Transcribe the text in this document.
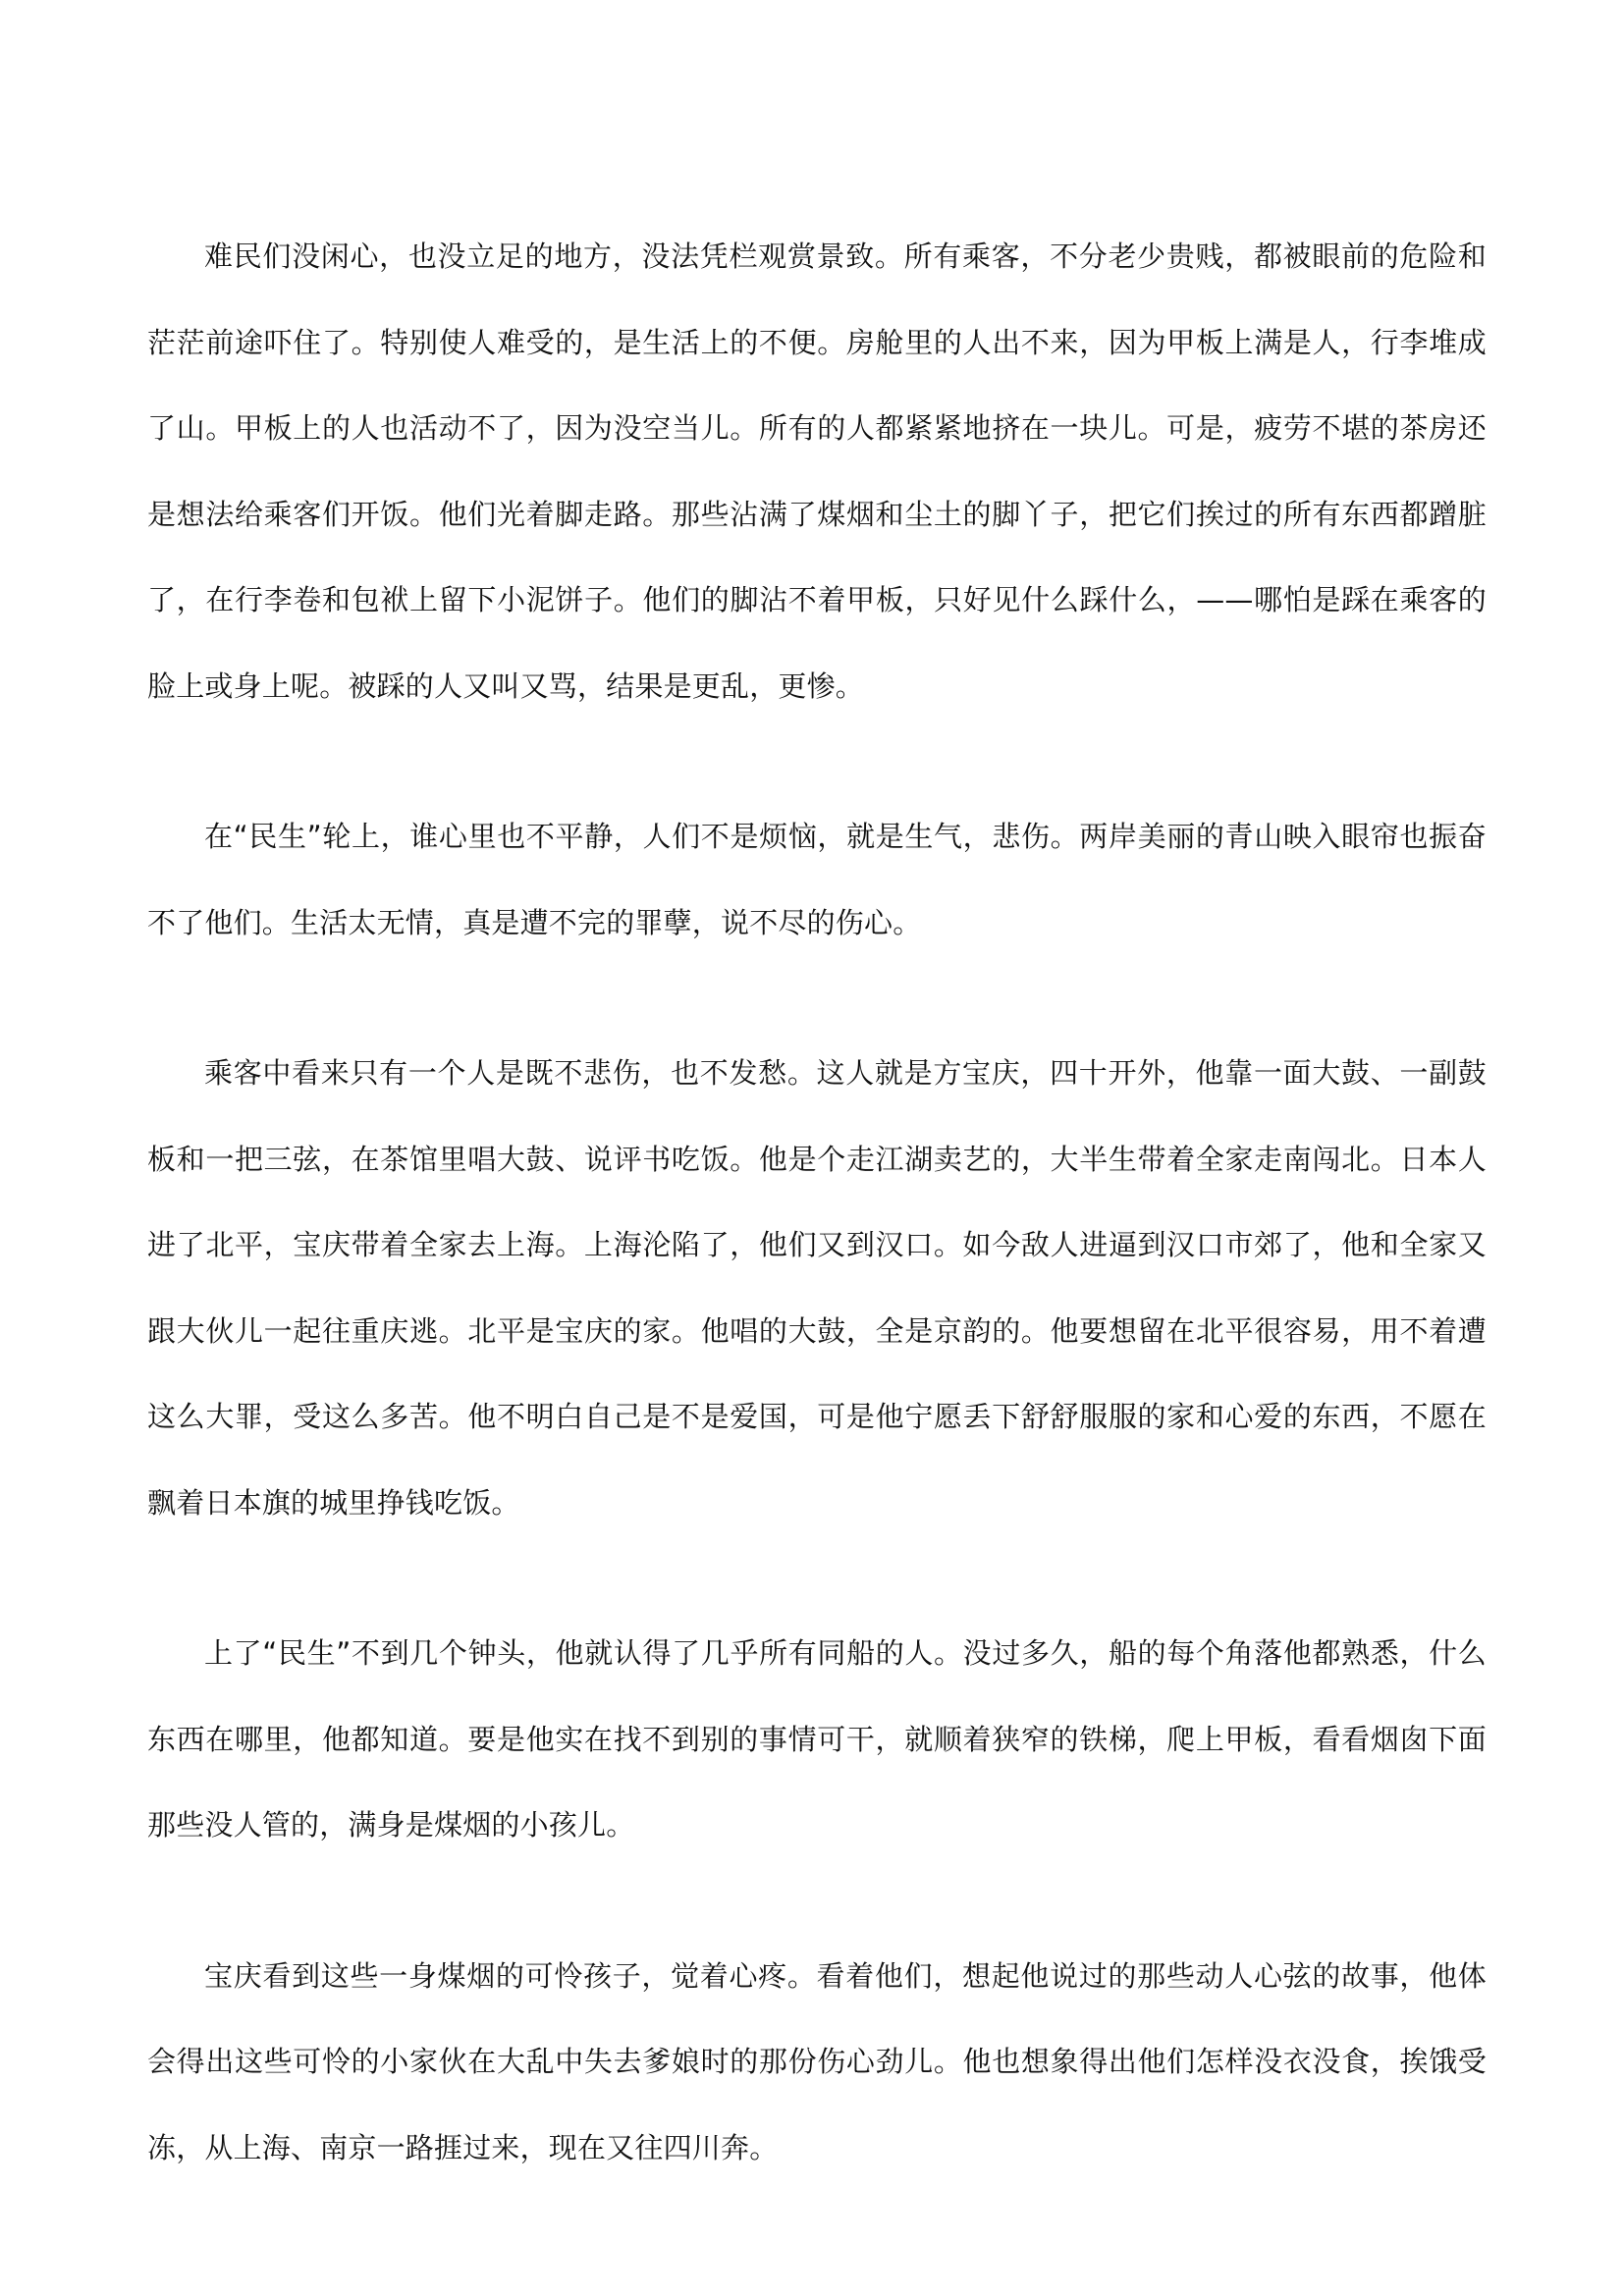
难民们没闲心，也没立足的地方，没法凭栏观赏景致。所有乘客，不分老少贵贱，都被眼前的危险和茫茫前途吓住了。特别使人难受的，是生活上的不便。房舱里的人出不来，因为甲板上满是人，行李堆成了山。甲板上的人也活动不了，因为没空当儿。所有的人都紧紧地挤在一块儿。可是，疲劳不堪的茶房还是想法给乘客们开饭。他们光着脚走路。那些沾满了煤烟和尘土的脚丫子，把它们挨过的所有东西都蹭脏了，在行李卷和包袱上留下小泥饼子。他们的脚沾不着甲板，只好见什么踩什么，——哪怕是踩在乘客的脸上或身上呢。被踩的人又叫又骂，结果是更乱，更惨。

在“民生”轮上，谁心里也不平静，人们不是烦恼，就是生气，悲伤。两岸美丽的青山映入眼帘也振奋不了他们。生活太无情，真是遭不完的罪孽，说不尽的伤心。

乘客中看来只有一个人是既不悲伤，也不发愁。这人就是方宝庆，四十开外，他靠一面大鼓、一副鼓板和一把三弦，在茶馆里唱大鼓、说评书吃饭。他是个走江湖卖艺的，大半生带着全家走南闯北。日本人进了北平，宝庆带着全家去上海。上海沦陷了，他们又到汉口。如今敌人进逼到汉口市郊了，他和全家又跟大伙儿一起往重庆逃。北平是宝庆的家。他唱的大鼓，全是京韵的。他要想留在北平很容易，用不着遭这么大罪，受这么多苦。他不明白自己是不是爱国，可是他宁愿丢下舒舒服服的家和心爱的东西，不愿在飘着日本旗的城里挣钱吃饭。

上了“民生”不到几个钟头，他就认得了几乎所有同船的人。没过多久，船的每个角落他都熟悉，什么东西在哪里，他都知道。要是他实在找不到别的事情可干，就顺着狭窄的铁梯，爬上甲板，看看烟囱下面那些没人管的，满身是煤烟的小孩儿。

宝庆看到这些一身煤烟的可怜孩子，觉着心疼。看着他们，想起他说过的那些动人心弦的故事，他体会得出这些可怜的小家伙在大乱中失去爹娘时的那份伤心劲儿。他也想象得出他们怎样没衣没食，挨饿受冻，从上海、南京一路捱过来，现在又往四川奔。
